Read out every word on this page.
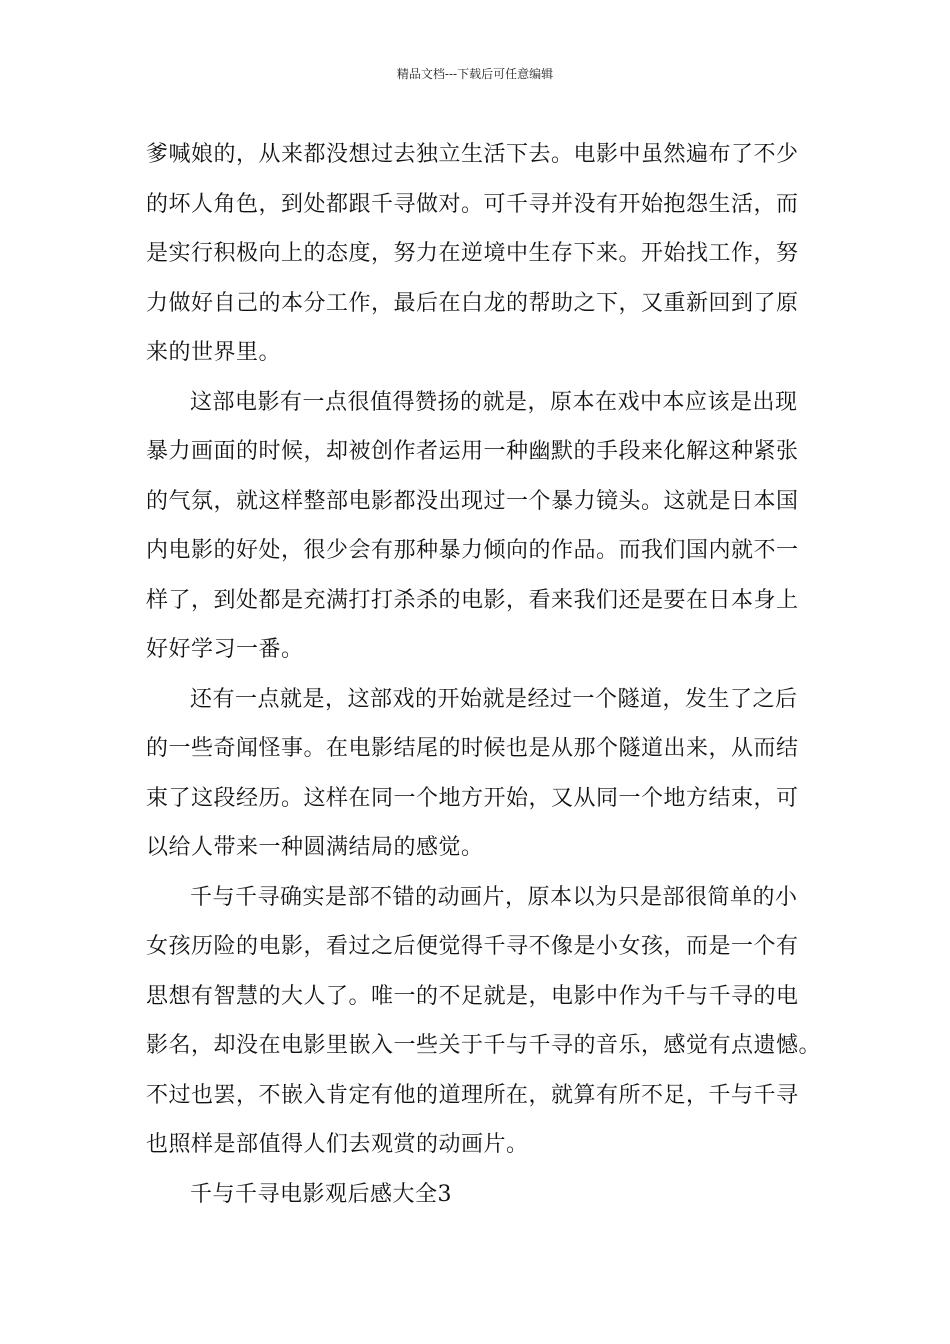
精品文档---下载后可任意编辑

爹喊娘的，从来都没想过去独立生活下去。电影中虽然遍布了不少
的坏人角色，到处都跟千寻做对。可千寻并没有开始抱怨生活，而
是实行积极向上的态度，努力在逆境中生存下来。开始找工作，努
力做好自己的本分工作，最后在白龙的帮助之下，又重新回到了原
来的世界里。

这部电影有一点很值得赞扬的就是，原本在戏中本应该是出现
暴力画面的时候，却被创作者运用一种幽默的手段来化解这种紧张
的气氛，就这样整部电影都没出现过一个暴力镜头。这就是日本国
内电影的好处，很少会有那种暴力倾向的作品。而我们国内就不一
样了，到处都是充满打打杀杀的电影，看来我们还是要在日本身上
好好学习一番。

还有一点就是，这部戏的开始就是经过一个隧道，发生了之后
的一些奇闻怪事。在电影结尾的时候也是从那个隧道出来，从而结
束了这段经历。这样在同一个地方开始，又从同一个地方结束，可
以给人带来一种圆满结局的感觉。

千与千寻确实是部不错的动画片，原本以为只是部很简单的小
女孩历险的电影，看过之后便觉得千寻不像是小女孩，而是一个有
思想有智慧的大人了。唯一的不足就是，电影中作为千与千寻的电
影名，却没在电影里嵌入一些关于千与千寻的音乐，感觉有点遗憾。
不过也罢，不嵌入肯定有他的道理所在，就算有所不足，千与千寻
也照样是部值得人们去观赏的动画片。

千与千寻电影观后感大全3
